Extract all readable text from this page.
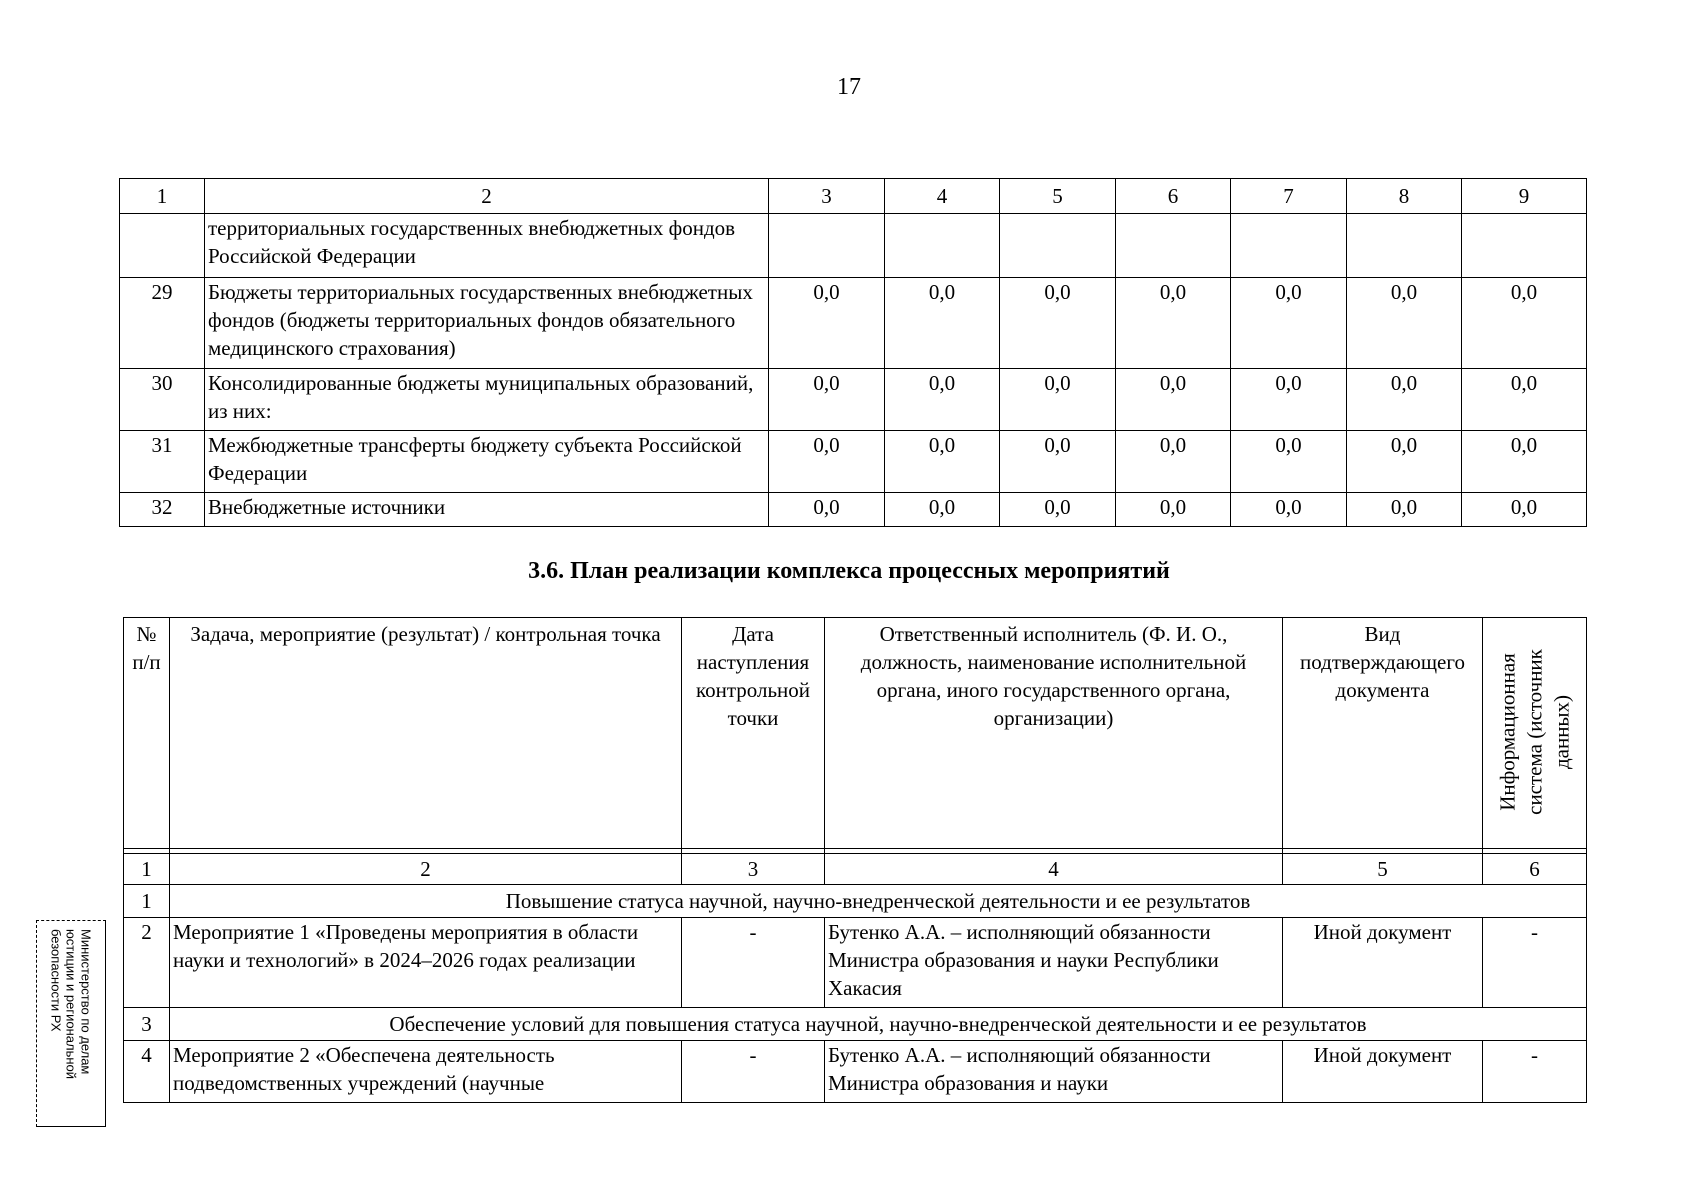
17
1	2	3	4	5	6	7	8	9
	территориальных государственных внебюджетных фондов Российской Федерации							
29	Бюджеты территориальных государственных внебюджетных фондов (бюджеты территориальных фондов обязательного медицинского страхования)	0,0	0,0	0,0	0,0	0,0	0,0	0,0
30	Консолидированные бюджеты муниципальных образований, из них:	0,0	0,0	0,0	0,0	0,0	0,0	0,0
31	Межбюджетные трансферты бюджету субъекта Российской Федерации	0,0	0,0	0,0	0,0	0,0	0,0	0,0
32	Внебюджетные источники	0,0	0,0	0,0	0,0	0,0	0,0	0,0
3.6. План реализации комплекса процессных мероприятий
№ п/п	Задача, мероприятие (результат) / контрольная точка	Дата наступления контрольной точки	Ответственный исполнитель (Ф. И. О., должность, наименование исполнительной органа, иного государственного органа, организации)	Вид подтверждающего документа	Информационная система (источник данных)

1	2	3	4	5	6
1	Повышение статуса научной, научно-внедренческой деятельности и ее результатов				
2	Мероприятие 1 «Проведены мероприятия в области науки и технологий» в 2024–2026 годах реализации	-	Бутенко А.А. – исполняющий обязанности Министра образования и науки Республики Хакасия	Иной документ	-
3	Обеспечение условий для повышения статуса научной, научно-внедренческой деятельности и ее результатов				
4	Мероприятие 2 «Обеспечена деятельность подведомственных учреждений (научные	-	Бутенко А.А. – исполняющий обязанности Министра образования и науки	Иной документ	-
Министерство по делам юстиции и региональной безопасности РХ
